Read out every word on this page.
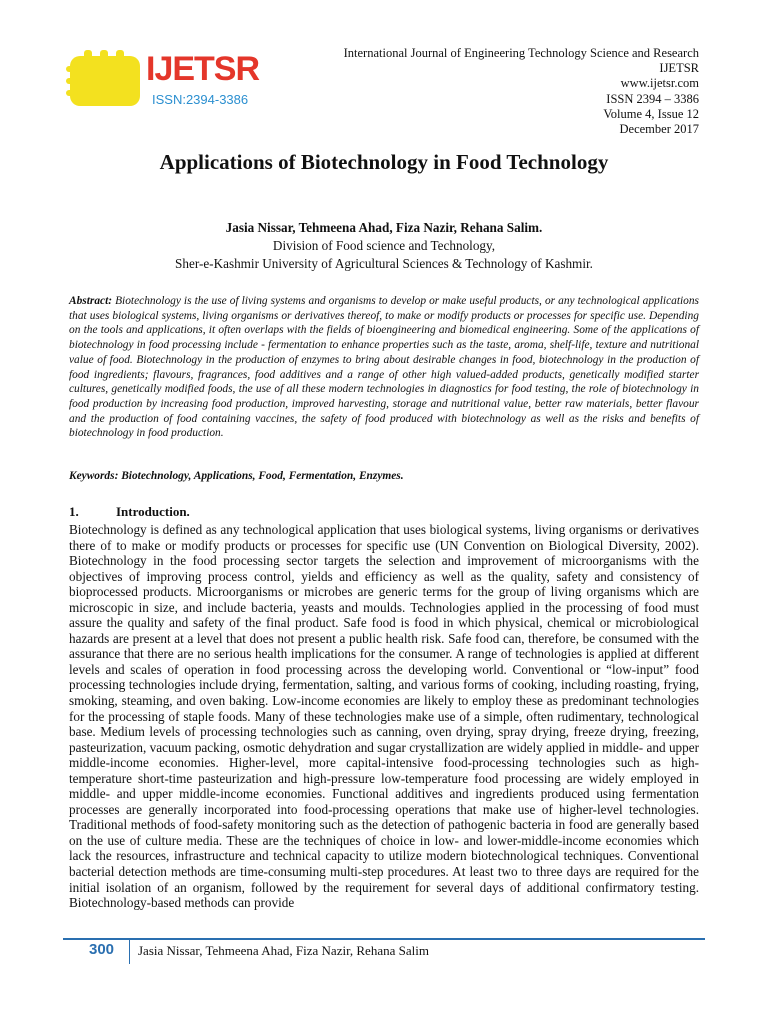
IJETSR
ISSN:2394-3386
International Journal of Engineering Technology Science and Research
IJETSR
www.ijetsr.com
ISSN 2394 – 3386
Volume 4, Issue 12
December 2017
Applications of Biotechnology in Food Technology
Jasia Nissar, Tehmeena Ahad, Fiza Nazir, Rehana Salim.
Division of Food science and Technology,
Sher-e-Kashmir University of Agricultural Sciences & Technology of Kashmir.
Abstract: Biotechnology is the use of living systems and organisms to develop or make useful products, or any technological applications that uses biological systems, living organisms or derivatives thereof, to make or modify products or processes for specific use. Depending on the tools and applications, it often overlaps with the fields of bioengineering and biomedical engineering. Some of the applications of biotechnology in food processing include - fermentation to enhance properties such as the taste, aroma, shelf-life, texture and nutritional value of food. Biotechnology in the production of enzymes to bring about desirable changes in food, biotechnology in the production of food ingredients; flavours, fragrances, food additives and a range of other high valued-added products, genetically modified starter cultures, genetically modified foods, the use of all these modern technologies in diagnostics for food testing, the role of biotechnology in food production by increasing food production, improved harvesting, storage and nutritional value, better raw materials, better flavour and the production of food containing vaccines, the safety of food produced with biotechnology as well as the risks and benefits of biotechnology in food production.
Keywords: Biotechnology, Applications, Food, Fermentation, Enzymes.
1.	Introduction.
Biotechnology is defined as any technological application that uses biological systems, living organisms or derivatives there of to make or modify products or processes for specific use (UN Convention on Biological Diversity, 2002). Biotechnology in the food processing sector targets the selection and improvement of microorganisms with the objectives of improving process control, yields and efficiency as well as the quality, safety and consistency of bioprocessed products. Microorganisms or microbes are generic terms for the group of living organisms which are microscopic in size, and include bacteria, yeasts and moulds. Technologies applied in the processing of food must assure the quality and safety of the final product. Safe food is food in which physical, chemical or microbiological hazards are present at a level that does not present a public health risk. Safe food can, therefore, be consumed with the assurance that there are no serious health implications for the consumer. A range of technologies is applied at different levels and scales of operation in food processing across the developing world. Conventional or “low-input” food processing technologies include drying, fermentation, salting, and various forms of cooking, including roasting, frying, smoking, steaming, and oven baking. Low-income economies are likely to employ these as predominant technologies for the processing of staple foods. Many of these technologies make use of a simple, often rudimentary, technological base. Medium levels of processing technologies such as canning, oven drying, spray drying, freeze drying, freezing, pasteurization, vacuum packing, osmotic dehydration and sugar crystallization are widely applied in middle- and upper middle-income economies. Higher-level, more capital-intensive food-processing technologies such as high-temperature short-time pasteurization and high-pressure low-temperature food processing are widely employed in middle- and upper middle-income economies. Functional additives and ingredients produced using fermentation processes are generally incorporated into food-processing operations that make use of higher-level technologies. Traditional methods of food-safety monitoring such as the detection of pathogenic bacteria in food are generally based on the use of culture media. These are the techniques of choice in low- and lower-middle-income economies which lack the resources, infrastructure and technical capacity to utilize modern biotechnological techniques. Conventional bacterial detection methods are time-consuming multi-step procedures. At least two to three days are required for the initial isolation of an organism, followed by the requirement for several days of additional confirmatory testing. Biotechnology-based methods can provide
300 Jasia Nissar, Tehmeena Ahad, Fiza Nazir, Rehana Salim
